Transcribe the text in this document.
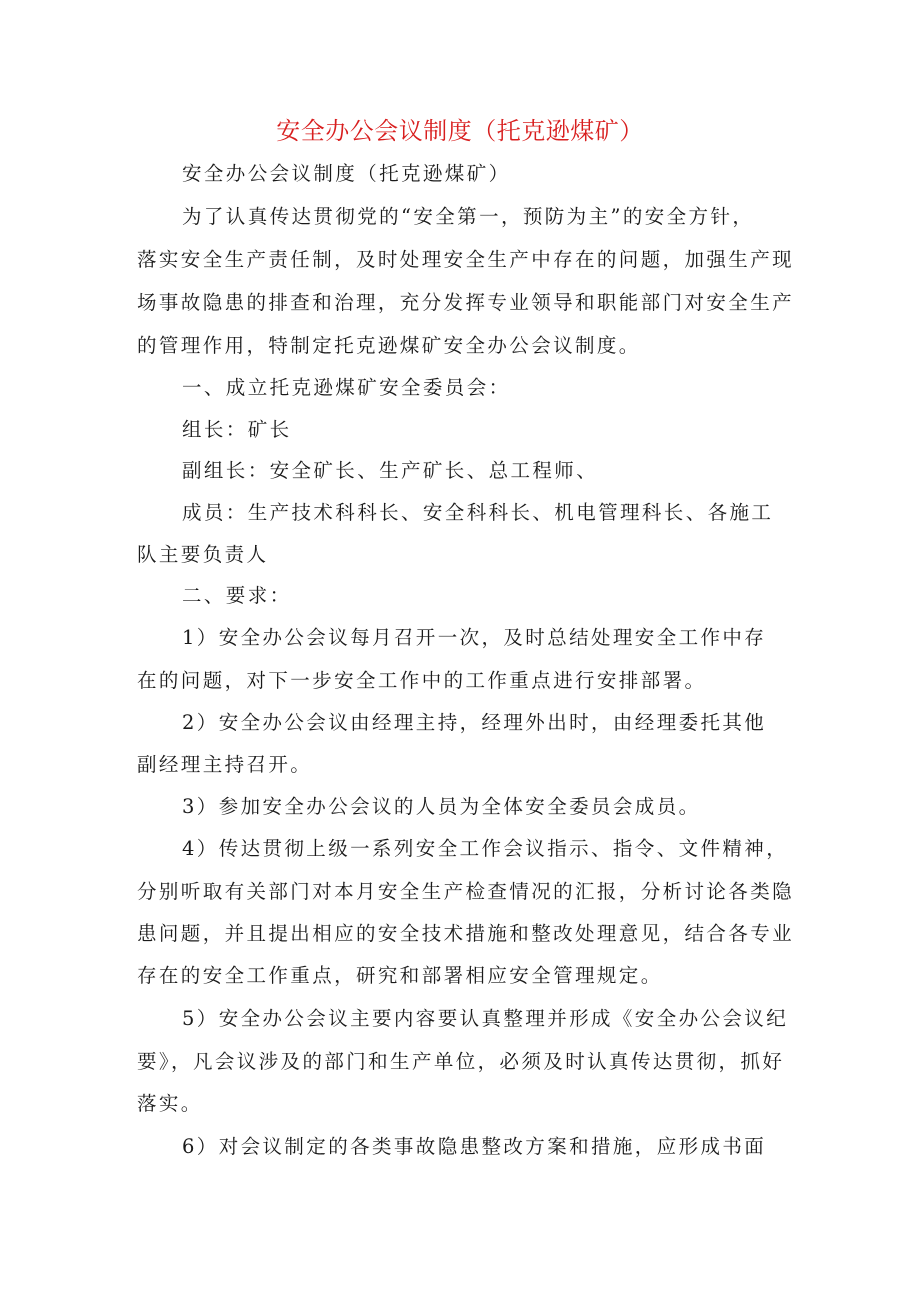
安全办公会议制度（托克逊煤矿）
安全办公会议制度（托克逊煤矿）
为了认真传达贯彻党的“安全第一，预防为主”的安全方针，
落实安全生产责任制，及时处理安全生产中存在的问题，加强生产现
场事故隐患的排查和治理，充分发挥专业领导和职能部门对安全生产
的管理作用，特制定托克逊煤矿安全办公会议制度。
一、成立托克逊煤矿安全委员会：
组长：矿长
副组长：安全矿长、生产矿长、总工程师、
成员：生产技术科科长、安全科科长、机电管理科长、各施工
队主要负责人
二、要求：
1）安全办公会议每月召开一次，及时总结处理安全工作中存
在的问题，对下一步安全工作中的工作重点进行安排部署。
2）安全办公会议由经理主持，经理外出时，由经理委托其他
副经理主持召开。
3）参加安全办公会议的人员为全体安全委员会成员。
4）传达贯彻上级一系列安全工作会议指示、指令、文件精神，
分别听取有关部门对本月安全生产检查情况的汇报，分析讨论各类隐
患问题，并且提出相应的安全技术措施和整改处理意见，结合各专业
存在的安全工作重点，研究和部署相应安全管理规定。
5）安全办公会议主要内容要认真整理并形成《安全办公会议纪
要》，凡会议涉及的部门和生产单位，必须及时认真传达贯彻，抓好
落实。
6）对会议制定的各类事故隐患整改方案和措施，应形成书面
